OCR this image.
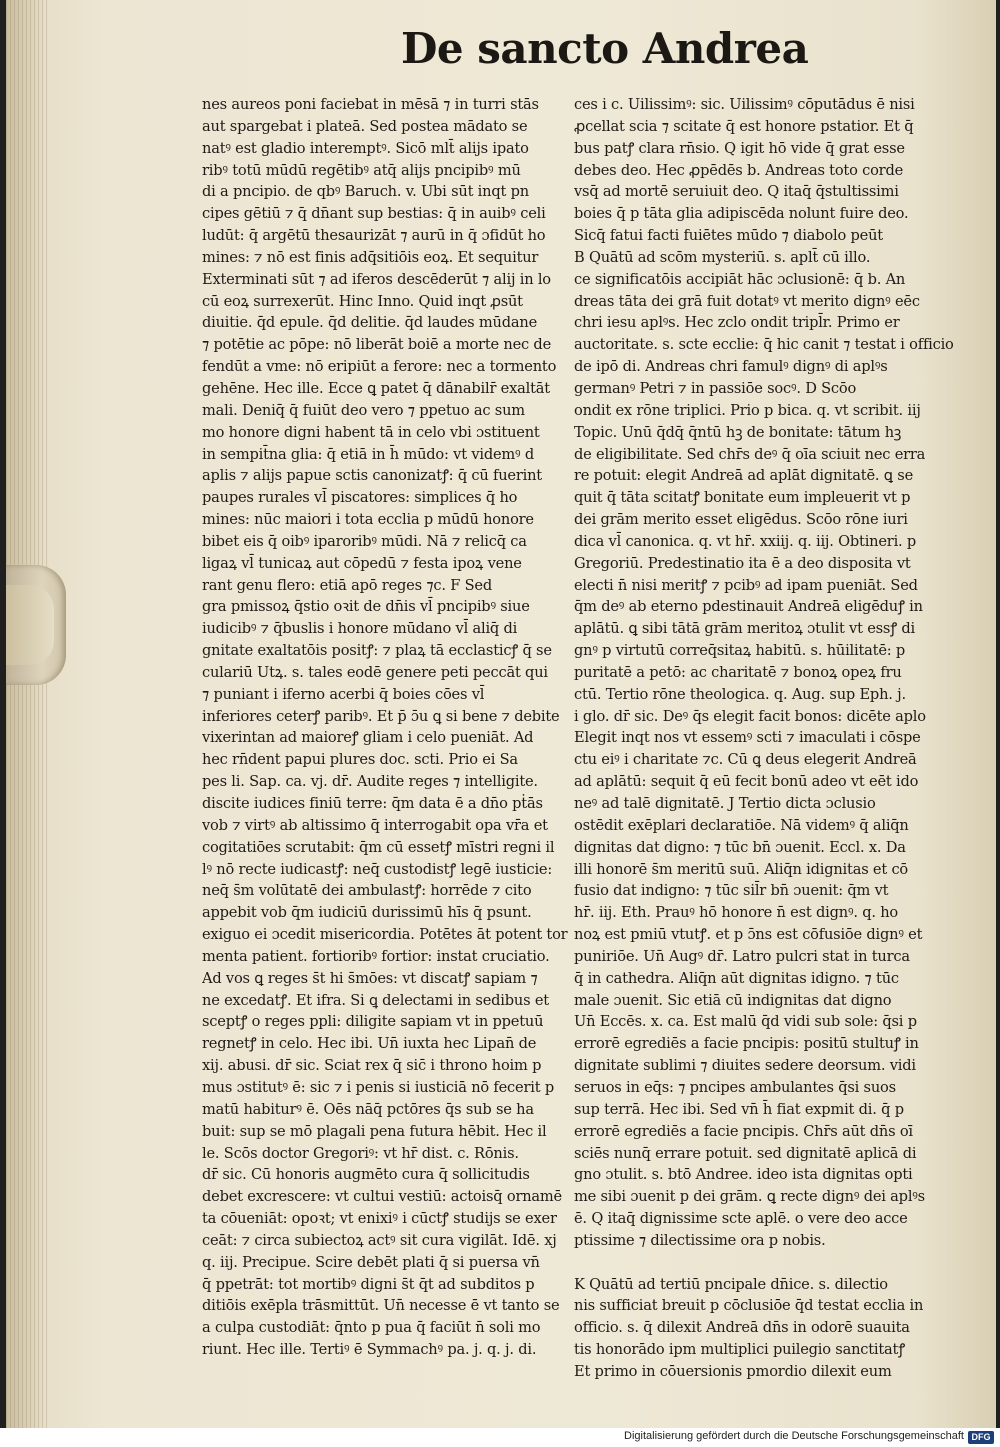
De sancto Andrea
nes aureos poni faciebat in mēsā ⁊ in turri stās
aut spargebat i plateā. Sed postea mādato se
natꝰ est gladio interemptꝰ. Sicō mlt̄ alijs ipato
ribꝰ totū mūdū regētibꝰ atq̄ alijs pncipibꝰ mū
di a pncipio. de qbꝰ Baruch. v. Ubi sūt inqt pn
cipes gētiū ⁊ q̄ dn̄ant sup bestias: q̄ in auibꝰ celi
ludūt: q̄ argētū thesaurizāt ⁊ aurū in q̄ ɔfidūt ho
mines: ⁊ nō est finis adq̄sitiōis eoꝝ. Et sequitur
Exterminati sūt ⁊ ad iferos descēderūt ⁊ alij in lo
cū eoꝝ surrexerūt. Hinc Inno. Quid inqt ꝓsūt
diuitie. q̄d epule. q̄d delitie. q̄d laudes mūdane
⁊ potētie ac pōpe: nō liberāt boiē a morte nec de
fendūt a vme: nō eripiūt a ferore: nec a tormento
gehēne. Hec ille. Ecce ꝗ patet q̄ dānabilr̄ exaltāt
mali. Deniq̄ q̄ fuiūt deo vero ⁊ ppetuo ac sum
mo honore digni habent tā in celo vbi ɔstituent
in sempit̄na glia: q̄ etiā in h̄ mūdo: vt videmꝰ d
aplis ⁊ alijs papue sctis canonizatꝭ: q̄ cū fuerint
paupes rurales vl̄ piscatores: simplices q̄ ho
mines: nūc maiori i tota ecclia p mūdū honore
bibet eis q̄ oibꝰ iparoribꝰ mūdi. Nā ⁊ relicq̄ ca
ligaꝝ vl̄ tunicaꝝ aut cōpedū ⁊ festa ipoꝝ vene
rant genu flero: etiā apō reges ⁊c. F Sed
gra pmissoꝝ q̄stio oꝛit de dn̄is vl̄ pncipibꝰ siue
iudicibꝰ ⁊ q̄buslis i honore mūdano vl̄ aliq̄ di
gnitate exaltatōis positꝭ: ⁊ plaꝝ tā ecclasticꝭ q̄ se
culariū Utꝝ. s. tales eodē genere peti peccāt qui
⁊ puniant i iferno acerbi q̄ boies cōes vl̄
inferiores ceterꝭ paribꝰ. Et p̄ ɔ̄u ꝗ si bene ⁊ debite
vixerintan ad maioreꝭ gliam i celo pueniāt. Ad
hec rn̄dent papui plures doc. scti. Prio ei Sa
pes li. Sap. ca. vj. dr̄. Audite reges ⁊ intelligite.
discite iudices finiū terre: q̄m data ē a dn̄o pṫās
vob ⁊ virtꝰ ab altissimo q̄ interrogabit opa vr̄a et
cogitatiōes scrutabit: q̄m cū essetꝭ mīstri regni il
lꝰ nō recte iudicastꝭ: neq̄ custodistꝭ legē iusticie:
neq̄ s̄m volūtatē dei ambulastꝭ: horrēde ⁊ cito
appebit vob q̄m iudiciū durissimū hīs q̄ psunt.
exiguo ei ɔcedit misericordia. Potētes āt potent tor
menta patient. fortioribꝰ fortior: instat cruciatio.
Ad vos ꝗ reges s̄t hi s̄mōes: vt discatꝭ sapiam ⁊
ne excedatꝭ. Et ifra. Si ꝗ delectami in sedibus et
sceptꝭ o reges ppli: diligite sapiam vt in ppetuū
regnetꝭ in celo. Hec ibi. Un̄ iuxta hec Lipan̄ de
xij. abusi. dr̄ sic. Sciat rex q̄ sic̄ i throno hoim p
mus ɔstitutꝰ ē: sic ⁊ i penis si iusticiā nō fecerit p
matū habiturꝰ ē. Oēs nāq̄ pctōres q̄s sub se ha
buit: sup se mō plagali pena futura hēbit. Hec il
le. Scōs doctor Gregoriꝰ: vt hr̄ dist. c. Rōnis.
dr̄ sic. Cū honoris augmēto cura q̄ sollicitudis
debet excrescere: vt cultui vestiū: actoisq̄ ornamē
ta cōueniāt: opoꝛt; vt enixiꝰ i cūctꝭ studijs se exer
ceāt: ⁊ circa subiectoꝝ actꝰ sit cura vigilāt. Idē. xj
q. iij. Precipue. Scire debēt plati q̄ si puersa vn̄
q̄ ppetrāt: tot mortibꝰ digni s̄t q̄t ad subditos p
ditiōis exēpla trāsmittūt. Un̄ necesse ē vt tanto se
a culpa custodiāt: q̄nto p pua q̄ faciūt n̄ soli mo
riunt. Hec ille. Tertiꝰ ē Symmachꝰ pa. j. q. j. di.
ces i c. Uilissimꝰ: sic. Uilissimꝰ cōputādus ē nisi
ꝓcellat scia ⁊ scitate q̄ est honore pstatior. Et q̄
bus patꝭ clara rn̄sio. Q igit hō vide q̄ grat esse
debes deo. Hec ꝓpēdēs b. Andreas toto corde
vsq̄ ad mortē seruiuit deo. Q itaq̄ q̄stultissimi
boies q̄ p tāta glia adipiscēda nolunt fuire deo.
Sicq̄ fatui facti fuiētes mūdo ⁊ diabolo peūt
B Quātū ad scōm mysteriū. s. aplt̄ cū illo.
ce significatōis accipiāt hāc ɔclusionē: q̄ b. An
dreas tāta dei grā fuit dotatꝰ vt merito dignꝰ eēc
chri iesu aplꝰs. Hec zclo ondit tripl̄r. Primo er
auctoritate. s. scte ecclie: q̄ hic canit ⁊ testat i officio
de ipō di. Andreas chri famulꝰ dignꝰ di aplꝰs
germanꝰ Petri ⁊ in passiōe socꝰ. D Scōo
ondit ex rōne triplici. Prio p bica. q. vt scribit. iij
Topic. Unū q̄dq̄ q̄ntū hꝫ de bonitate: tātum hꝫ
de eligibilitate. Sed chr̄s deꝰ q̄ oīa sciuit nec erra
re potuit: elegit Andreā ad aplāt dignitatē. ꝗ se
quit q̄ tāta scitatꝭ bonitate eum impleuerit vt p
dei grām merito esset eligēdus. Scōo rōne iuri
dica vl̄ canonica. q. vt hr̄. xxiij. q. iij. Obtineri. p
Gregoriū. Predestinatio ita ē a deo disposita vt
electi n̄ nisi meritꝭ ⁊ pcibꝰ ad ipam pueniāt. Sed
q̄m deꝰ ab eterno pdestinauit Andreā eligēduꝭ in
aplātū. ꝗ sibi tātā grām meritoꝝ ɔtulit vt essꝭ di
gnꝰ p virtutū correq̄sitaꝝ habitū. s. hūilitatē: p
puritatē a petō: ac charitatē ⁊ bonoꝝ opeꝝ fru
ctū. Tertio rōne theologica. q. Aug. sup Eph. j.
i glo. dr̄ sic. Deꝰ q̄s elegit facit bonos: dicēte aplo
Elegit inqt nos vt essemꝰ scti ⁊ imaculati i cōspe
ctu eiꝰ i charitate ⁊c. Cū ꝗ deus elegerit Andreā
ad aplātū: sequit q̄ eū fecit bonū adeo vt eēt ido
neꝰ ad talē dignitatē. J Tertio dicta ɔclusio
ostēdit exēplari declaratiōe. Nā videmꝰ q̄ aliq̄n
dignitas dat digno: ⁊ tūc bn̄ ɔuenit. Eccl. x. Da
illi honorē s̄m meritū suū. Aliq̄n idignitas et cō
fusio dat indigno: ⁊ tūc sil̄r bn̄ ɔuenit: q̄m vt
hr̄. iij. Eth. Prauꝰ hō honore n̄ est dignꝰ. q. ho
noꝝ est pmiū vtutꝭ. et p ɔ̄ns est cōfusiōe dignꝰ et
puniriōe. Un̄ Augꝰ dr̄. Latro pulcri stat in turca
q̄ in cathedra. Aliq̄n aūt dignitas idigno. ⁊ tūc
male ɔuenit. Sic etiā cū indignitas dat digno
Un̄ Eccēs. x. ca. Est malū q̄d vidi sub sole: q̄si p
errorē egrediēs a facie pncipis: positū stultuꝭ in
dignitate sublimi ⁊ diuites sedere deorsum. vidi
seruos in eq̄s: ⁊ pncipes ambulantes q̄si suos
sup terrā. Hec ibi. Sed vn̄ h̄ fiat expmit di. q̄ p
errorē egrediēs a facie pncipis. Chr̄s aūt dn̄s oī
sciēs nunq̄ errare potuit. sed dignitatē aplicā di
gno ɔtulit. s. btō Andree. ideo ista dignitas opti
me sibi ɔuenit p dei grām. ꝗ recte dignꝰ dei aplꝰs
ē. Q itaq̄ dignissime scte aplē. o vere deo acce
ptissime ⁊ dilectissime ora p nobis.
K Quātū ad tertiū pncipale dn̄ice. s. dilectio
nis sufficiat breuit p cōclusiōe q̄d testat ecclia in
officio. s. q̄ dilexit Andreā dn̄s in odorē suauita
tis honorādo ipm multiplici puilegio sanctitatꝭ
Et primo in cōuersionis pmordio dilexit eum
Digitalisierung gefördert durch die Deutsche Forschungsgemeinschaft DFG
